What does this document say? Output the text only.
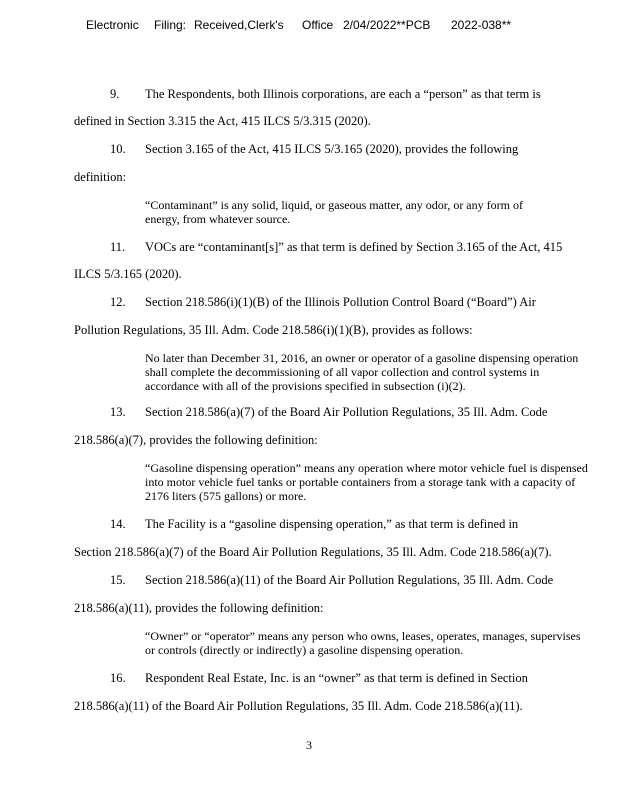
Electronic Filing: Received,Clerk's Office 2/04/2022**PCB 2022-038**
9. The Respondents, both Illinois corporations, are each a “person” as that term is
defined in Section 3.315 the Act, 415 ILCS 5/3.315 (2020).
10. Section 3.165 of the Act, 415 ILCS 5/3.165 (2020), provides the following
definition:
“Contaminant” is any solid, liquid, or gaseous matter, any odor, or any form of energy, from whatever source.
11. VOCs are “contaminant[s]” as that term is defined by Section 3.165 of the Act, 415
ILCS 5/3.165 (2020).
12. Section 218.586(i)(1)(B) of the Illinois Pollution Control Board (“Board”) Air
Pollution Regulations, 35 Ill. Adm. Code 218.586(i)(1)(B), provides as follows:
No later than December 31, 2016, an owner or operator of a gasoline dispensing operation shall complete the decommissioning of all vapor collection and control systems in accordance with all of the provisions specified in subsection (i)(2).
13. Section 218.586(a)(7) of the Board Air Pollution Regulations, 35 Ill. Adm. Code
218.586(a)(7), provides the following definition:
“Gasoline dispensing operation” means any operation where motor vehicle fuel is dispensed into motor vehicle fuel tanks or portable containers from a storage tank with a capacity of 2176 liters (575 gallons) or more.
14. The Facility is a “gasoline dispensing operation,” as that term is defined in
Section 218.586(a)(7) of the Board Air Pollution Regulations, 35 Ill. Adm. Code 218.586(a)(7).
15. Section 218.586(a)(11) of the Board Air Pollution Regulations, 35 Ill. Adm. Code
218.586(a)(11), provides the following definition:
“Owner” or “operator” means any person who owns, leases, operates, manages, supervises or controls (directly or indirectly) a gasoline dispensing operation.
16. Respondent Real Estate, Inc. is an “owner” as that term is defined in Section
218.586(a)(11) of the Board Air Pollution Regulations, 35 Ill. Adm. Code 218.586(a)(11).
3
